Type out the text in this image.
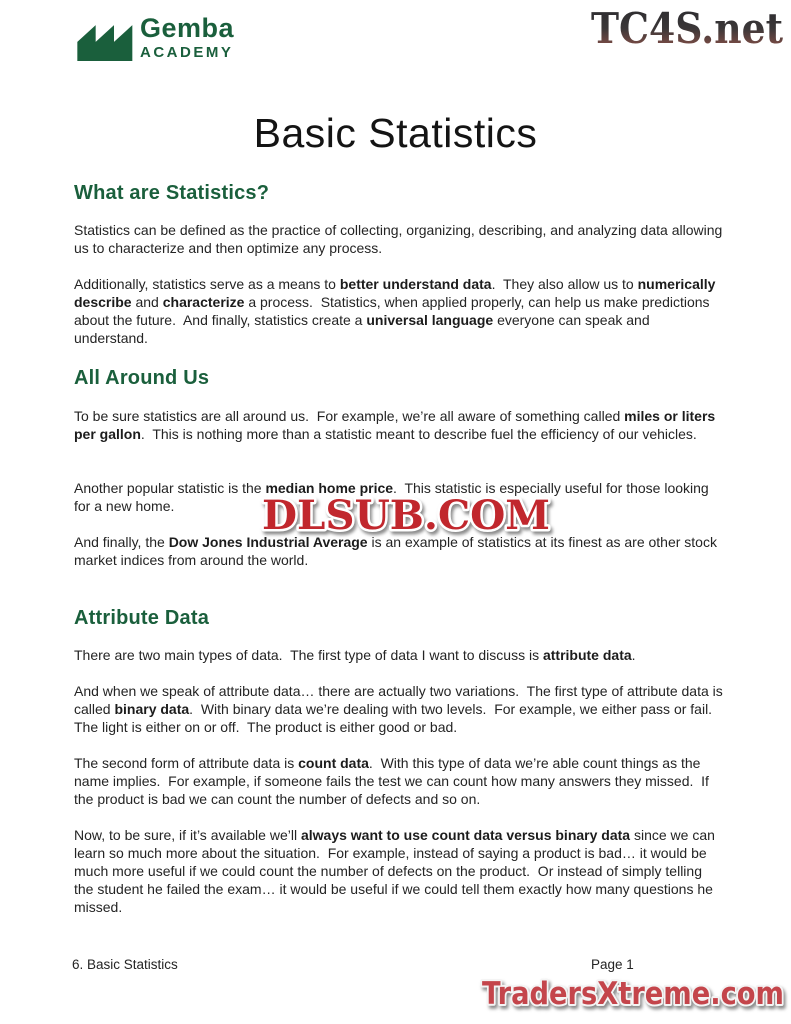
Gemba
ACADEMY	TC4S.net
Basic Statistics
What are Statistics?
All Around Us
Attribute Data
Statistics can be defined as the practice of collecting, organizing, describing, and analyzing data allowing us to characterize and then optimize any process.
Additionally, statistics serve as a means to better understand data.  They also allow us to numerically describe and characterize a process.  Statistics, when applied properly, can help us make predictions about the future.  And finally, statistics create a universal language everyone can speak and understand.
To be sure statistics are all around us.  For example, we’re all aware of something called miles or liters per gallon.  This is nothing more than a statistic meant to describe fuel the efficiency of our vehicles.
Another popular statistic is the median home price.  This statistic is especially useful for those looking for a new home.
And finally, the Dow Jones Industrial Average is an example of statistics at its finest as are other stock market indices from around the world.
There are two main types of data.  The first type of data I want to discuss is attribute data.
And when we speak of attribute data… there are actually two variations.  The first type of attribute data is called binary data.  With binary data we’re dealing with two levels.  For example, we either pass or fail.  The light is either on or off.  The product is either good or bad.
The second form of attribute data is count data.  With this type of data we’re able count things as the name implies.  For example, if someone fails the test we can count how many answers they missed.  If the product is bad we can count the number of defects and so on.
Now, to be sure, if it’s available we’ll always want to use count data versus binary data since we can learn so much more about the situation.  For example, instead of saying a product is bad… it would be much more useful if we could count the number of defects on the product.  Or instead of simply telling the student he failed the exam… it would be useful if we could tell them exactly how many questions he missed.
DLSUB.COM
6. Basic Statistics	Page 1
TradersXtreme.com
